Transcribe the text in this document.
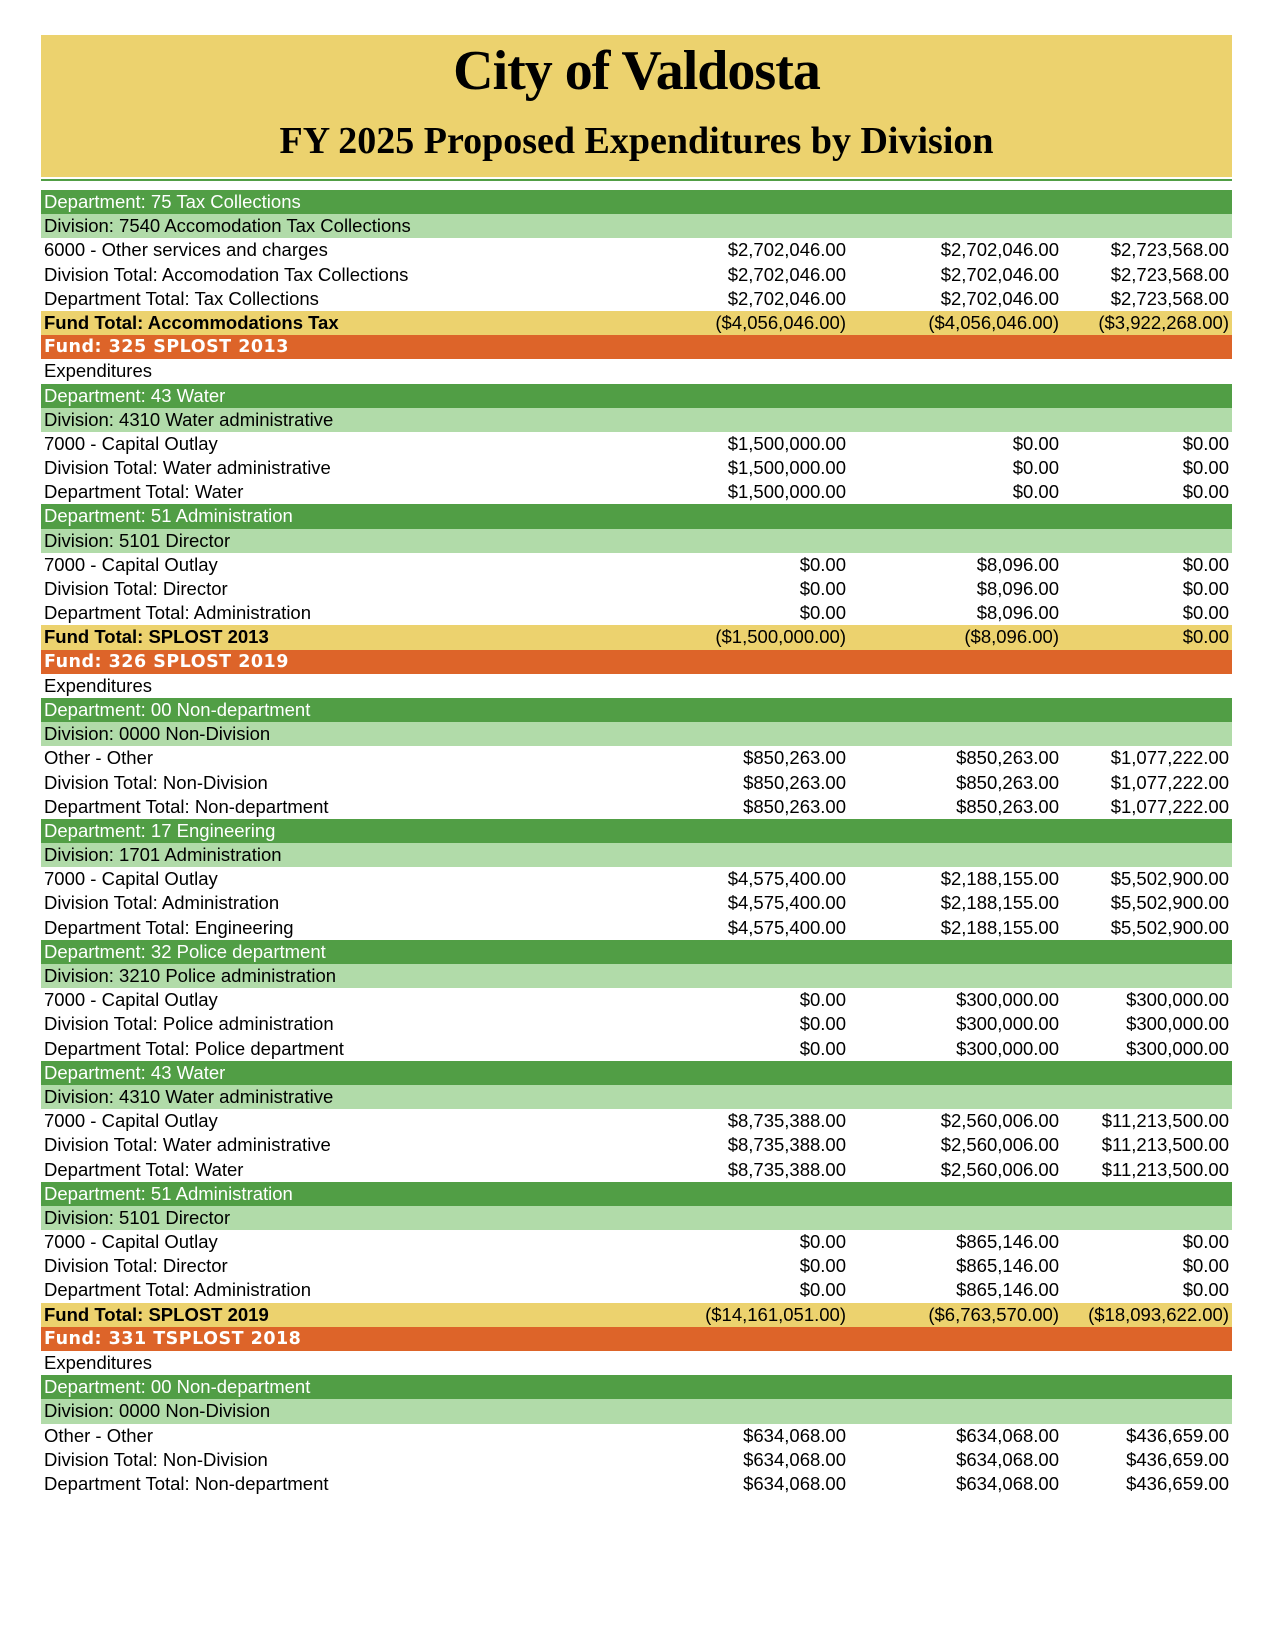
City of Valdosta
FY 2025 Proposed Expenditures by Division
Department: 75 Tax Collections
Division: 7540 Accomodation Tax Collections
6000 - Other services and charges	$2,702,046.00	$2,702,046.00	$2,723,568.00
Division Total: Accomodation Tax Collections	$2,702,046.00	$2,702,046.00	$2,723,568.00
Department Total: Tax Collections	$2,702,046.00	$2,702,046.00	$2,723,568.00
Fund Total: Accommodations Tax	($4,056,046.00)	($4,056,046.00) ($3,922,268.00)
Fund: 325 SPLOST 2013
Expenditures
Department: 43 Water
Division: 4310 Water administrative
7000 - Capital Outlay	$1,500,000.00	$0.00	$0.00
Division Total: Water administrative	$1,500,000.00	$0.00	$0.00
Department Total: Water	$1,500,000.00	$0.00	$0.00
Department: 51 Administration
Division: 5101 Director
7000 - Capital Outlay	$0.00	$8,096.00	$0.00
Division Total: Director	$0.00	$8,096.00	$0.00
Department Total: Administration	$0.00	$8,096.00	$0.00
Fund Total: SPLOST 2013	($1,500,000.00)	($8,096.00)	$0.00
Fund: 326 SPLOST 2019
Expenditures
Department: 00 Non-department
Division: 0000 Non-Division
Other - Other	$850,263.00	$850,263.00	$1,077,222.00
Division Total: Non-Division	$850,263.00	$850,263.00	$1,077,222.00
Department Total: Non-department	$850,263.00	$850,263.00	$1,077,222.00
Department: 17 Engineering
Division: 1701 Administration
7000 - Capital Outlay	$4,575,400.00	$2,188,155.00	$5,502,900.00
Division Total: Administration	$4,575,400.00	$2,188,155.00	$5,502,900.00
Department Total: Engineering	$4,575,400.00	$2,188,155.00	$5,502,900.00
Department: 32 Police department
Division: 3210 Police administration
7000 - Capital Outlay	$0.00	$300,000.00	$300,000.00
Division Total: Police administration	$0.00	$300,000.00	$300,000.00
Department Total: Police department	$0.00	$300,000.00	$300,000.00
Department: 43 Water
Division: 4310 Water administrative
7000 - Capital Outlay	$8,735,388.00	$2,560,006.00 $11,213,500.00
Division Total: Water administrative	$8,735,388.00	$2,560,006.00 $11,213,500.00
Department Total: Water	$8,735,388.00	$2,560,006.00 $11,213,500.00
Department: 51 Administration
Division: 5101 Director
7000 - Capital Outlay	$0.00	$865,146.00	$0.00
Division Total: Director	$0.00	$865,146.00	$0.00
Department Total: Administration	$0.00	$865,146.00	$0.00
Fund Total: SPLOST 2019	($14,161,051.00)	($6,763,570.00) ($18,093,622.00)
Fund: 331 TSPLOST 2018
Expenditures
Department: 00 Non-department
Division: 0000 Non-Division
Other - Other	$634,068.00	$634,068.00	$436,659.00
Division Total: Non-Division	$634,068.00	$634,068.00	$436,659.00
Department Total: Non-department	$634,068.00	$634,068.00	$436,659.00
